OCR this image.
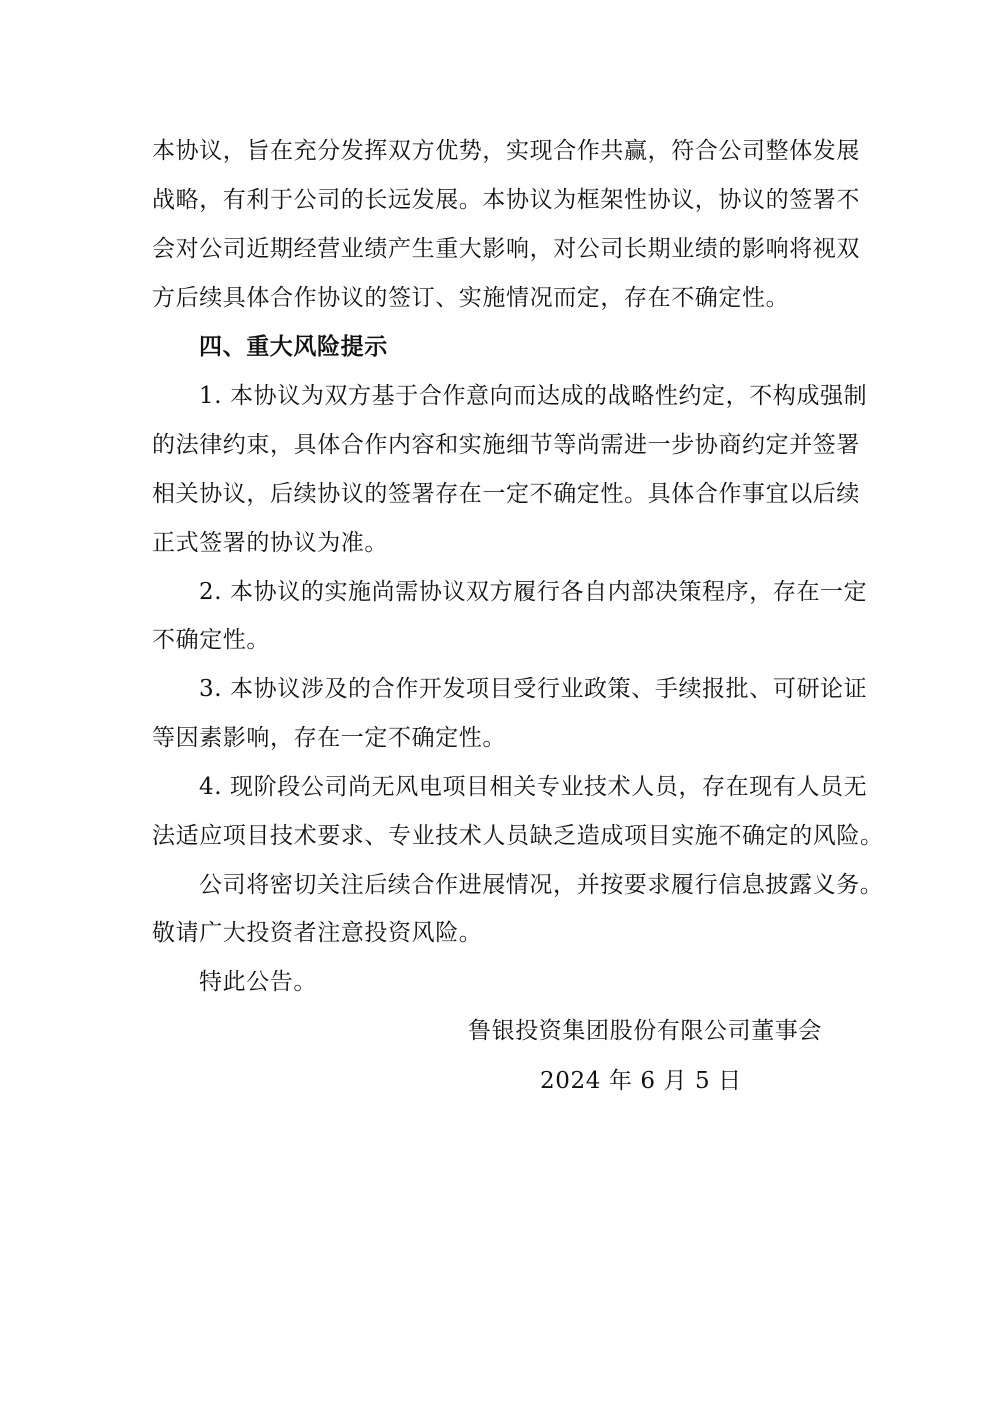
本协议，旨在充分发挥双方优势，实现合作共赢，符合公司整体发展
战略，有利于公司的长远发展。本协议为框架性协议，协议的签署不
会对公司近期经营业绩产生重大影响，对公司长期业绩的影响将视双
方后续具体合作协议的签订、实施情况而定，存在不确定性。
四、重大风险提示
1. 本协议为双方基于合作意向而达成的战略性约定，不构成强制
的法律约束，具体合作内容和实施细节等尚需进一步协商约定并签署
相关协议，后续协议的签署存在一定不确定性。具体合作事宜以后续
正式签署的协议为准。
2. 本协议的实施尚需协议双方履行各自内部决策程序，存在一定
不确定性。
3. 本协议涉及的合作开发项目受行业政策、手续报批、可研论证
等因素影响，存在一定不确定性。
4. 现阶段公司尚无风电项目相关专业技术人员，存在现有人员无
法适应项目技术要求、专业技术人员缺乏造成项目实施不确定的风险。
公司将密切关注后续合作进展情况，并按要求履行信息披露义务。
敬请广大投资者注意投资风险。
特此公告。
鲁银投资集团股份有限公司董事会
2024 年 6 月 5 日
